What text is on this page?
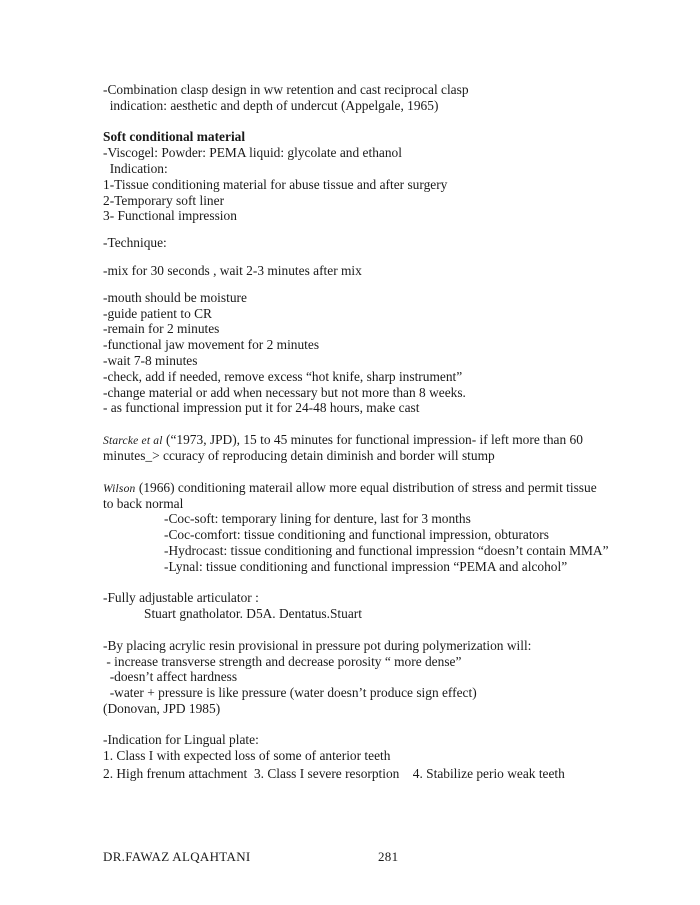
-Combination clasp design in ww retention and cast reciprocal clasp
indication: aesthetic and depth of undercut (Appelgale, 1965)
Soft conditional material
-Viscogel: Powder: PEMA liquid: glycolate and ethanol
Indication:
1-Tissue conditioning material for abuse tissue and after surgery
2-Temporary soft liner
3- Functional impression
-Technique:
-mix for 30 seconds , wait 2-3 minutes after mix
-mouth should be moisture
-guide patient to CR
-remain for 2 minutes
-functional jaw movement for 2 minutes
-wait 7-8 minutes
-check, add if needed, remove excess “hot knife, sharp instrument”
-change material or add when necessary but not more than 8 weeks.
- as functional impression put it for 24-48 hours, make cast
Starcke et al (“1973, JPD), 15 to 45 minutes for functional impression- if left more than 60
minutes_> ccuracy of reproducing detain diminish and border will stump
Wilson (1966) conditioning materail allow more equal distribution of stress and permit tissue
to back normal
-Coc-soft: temporary lining for denture, last for 3 months
-Coc-comfort: tissue conditioning and functional impression, obturators
-Hydrocast: tissue conditioning and functional impression “doesn’t contain MMA”
-Lynal: tissue conditioning and functional impression “PEMA and alcohol”
-Fully adjustable articulator :
Stuart gnatholator. D5A. Dentatus.Stuart
-By placing acrylic resin provisional in pressure pot during polymerization will:
- increase transverse strength and decrease porosity “ more dense”
-doesn’t affect hardness
-water + pressure is like pressure (water doesn’t produce sign effect)
(Donovan, JPD 1985)
-Indication for Lingual plate:
1. Class I with expected loss of some of anterior teeth
2. High frenum attachment  3. Class I severe resorption    4. Stabilize perio weak teeth
DR.FAWAZ ALQAHTANI	281
